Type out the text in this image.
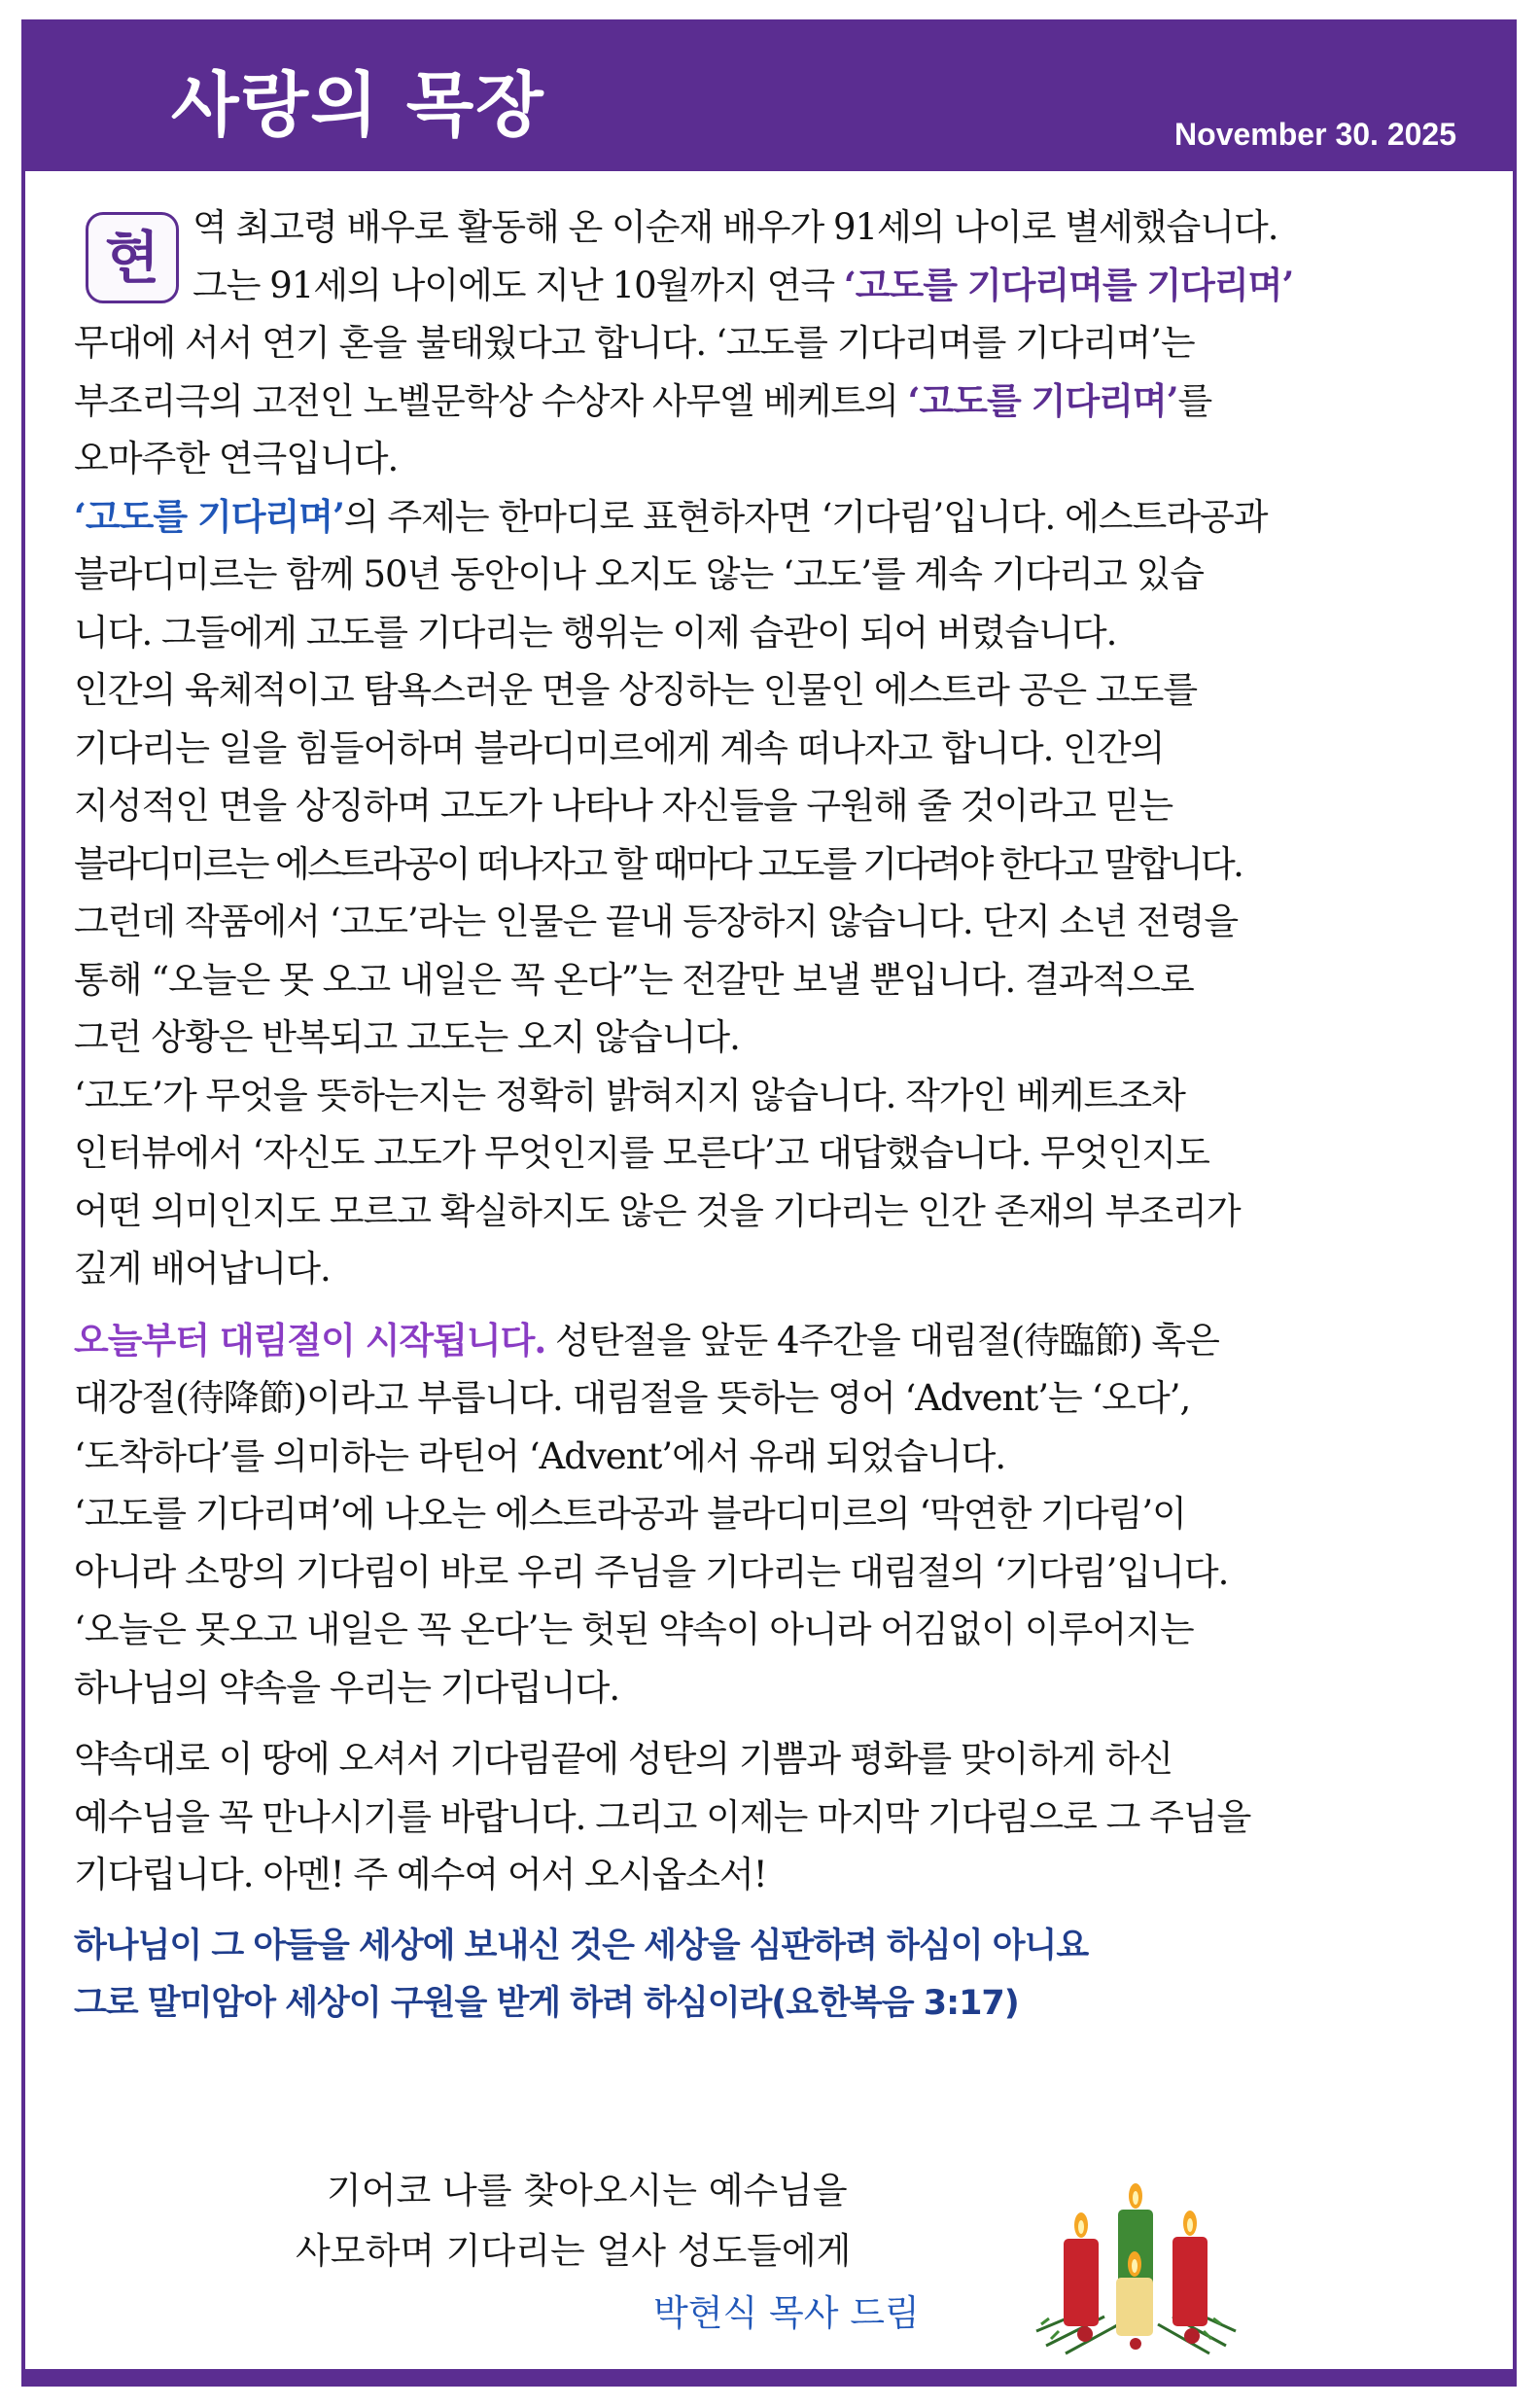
사랑의 목장	November 30. 2025
현 역 최고령 배우로 활동해 온 이순재 배우가 91세의 나이로 별세했습니다.
그는 91세의 나이에도 지난 10월까지 연극 ‘고도를 기다리며를 기다리며’
무대에 서서 연기 혼을 불태웠다고 합니다. ‘고도를 기다리며를 기다리며’는
부조리극의 고전인 노벨문학상 수상자 사무엘 베케트의 ‘고도를 기다리며’를
오마주한 연극입니다.
‘고도를 기다리며’의 주제는 한마디로 표현하자면 ‘기다림’입니다. 에스트라공과
블라디미르는 함께 50년 동안이나 오지도 않는 ‘고도’를 계속 기다리고 있습
니다. 그들에게 고도를 기다리는 행위는 이제 습관이 되어 버렸습니다.
인간의 육체적이고 탐욕스러운 면을 상징하는 인물인 에스트라 공은 고도를
기다리는 일을 힘들어하며 블라디미르에게 계속 떠나자고 합니다. 인간의
지성적인 면을 상징하며 고도가 나타나 자신들을 구원해 줄 것이라고 믿는
블라디미르는 에스트라공이 떠나자고 할 때마다 고도를 기다려야 한다고 말합니다.
그런데 작품에서 ‘고도’라는 인물은 끝내 등장하지 않습니다. 단지 소년 전령을
통해 “오늘은 못 오고 내일은 꼭 온다”는 전갈만 보낼 뿐입니다. 결과적으로
그런 상황은 반복되고 고도는 오지 않습니다.
‘고도’가 무엇을 뜻하는지는 정확히 밝혀지지 않습니다. 작가인 베케트조차
인터뷰에서 ‘자신도 고도가 무엇인지를 모른다’고 대답했습니다. 무엇인지도
어떤 의미인지도 모르고 확실하지도 않은 것을 기다리는 인간 존재의 부조리가
깊게 배어납니다.
오늘부터 대림절이 시작됩니다. 성탄절을 앞둔 4주간을 대림절(待臨節) 혹은
대강절(待降節)이라고 부릅니다. 대림절을 뜻하는 영어 ‘Advent’는 ‘오다’,
‘도착하다’를 의미하는 라틴어 ‘Advent’에서 유래 되었습니다.
‘고도를 기다리며’에 나오는 에스트라공과 블라디미르의 ‘막연한 기다림’이
아니라 소망의 기다림이 바로 우리 주님을 기다리는 대림절의 ‘기다림’입니다.
‘오늘은 못오고 내일은 꼭 온다’는 헛된 약속이 아니라 어김없이 이루어지는
하나님의 약속을 우리는 기다립니다.
약속대로 이 땅에 오셔서 기다림끝에 성탄의 기쁨과 평화를 맞이하게 하신
예수님을 꼭 만나시기를 바랍니다. 그리고 이제는 마지막 기다림으로 그 주님을
기다립니다. 아멘! 주 예수여 어서 오시옵소서!
하나님이 그 아들을 세상에 보내신 것은 세상을 심판하려 하심이 아니요
그로 말미암아 세상이 구원을 받게 하려 하심이라(요한복음 3:17)
기어코 나를 찾아오시는 예수님을
사모하며 기다리는 얼사 성도들에게
박현식 목사 드림
